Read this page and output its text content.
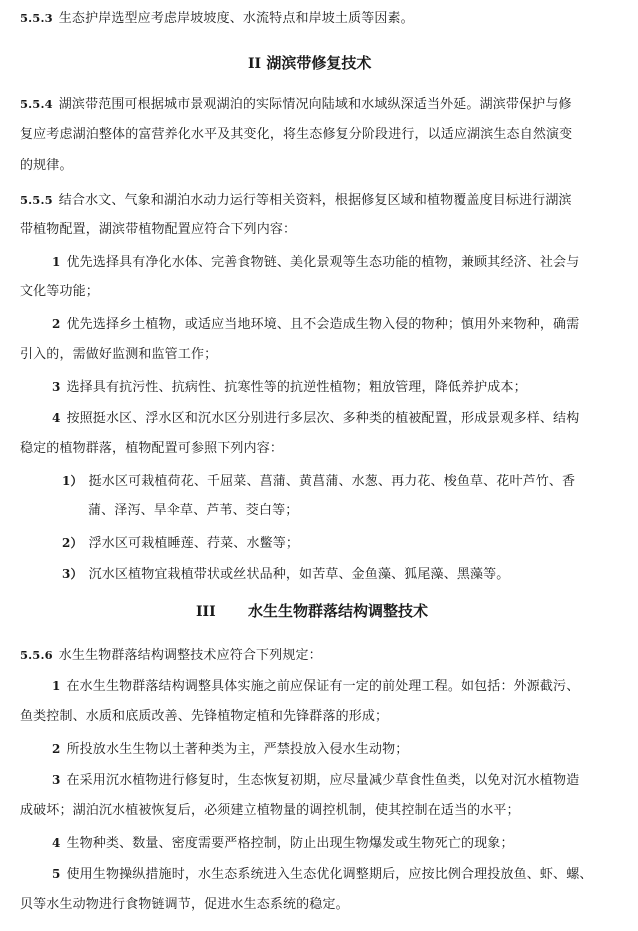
5.5.3 生态护岸选型应考虑岸坡坡度、水流特点和岸坡土质等因素。
II 湖滨带修复技术
5.5.4 湖滨带范围可根据城市景观湖泊的实际情况向陆域和水域纵深适当外延。湖滨带保护与修
复应考虑湖泊整体的富营养化水平及其变化，将生态修复分阶段进行，以适应湖滨生态自然演变
的规律。
5.5.5 结合水文、气象和湖泊水动力运行等相关资料，根据修复区域和植物覆盖度目标进行湖滨
带植物配置，湖滨带植物配置应符合下列内容：
1 优先选择具有净化水体、完善食物链、美化景观等生态功能的植物，兼顾其经济、社会与
文化等功能；
2 优先选择乡土植物，或适应当地环境、且不会造成生物入侵的物种；慎用外来物种，确需
引入的，需做好监测和监管工作；
3 选择具有抗污性、抗病性、抗寒性等的抗逆性植物；粗放管理，降低养护成本；
4 按照挺水区、浮水区和沉水区分别进行多层次、多种类的植被配置，形成景观多样、结构
稳定的植物群落，植物配置可参照下列内容：
1） 挺水区可栽植荷花、千屈菜、菖蒲、黄菖蒲、水葱、再力花、梭鱼草、花叶芦竹、香
蒲、泽泻、旱伞草、芦苇、茭白等；
2） 浮水区可栽植睡莲、荇菜、水鳖等；
3） 沉水区植物宜栽植带状或丝状品种，如苦草、金鱼藻、狐尾藻、黑藻等。
III 水生生物群落结构调整技术
5.5.6 水生生物群落结构调整技术应符合下列规定：
1 在水生生物群落结构调整具体实施之前应保证有一定的前处理工程。如包括：外源截污、
鱼类控制、水质和底质改善、先锋植物定植和先锋群落的形成；
2 所投放水生生物以土著种类为主，严禁投放入侵水生动物；
3 在采用沉水植物进行修复时，生态恢复初期，应尽量减少草食性鱼类，以免对沉水植物造
成破坏；湖泊沉水植被恢复后，必须建立植物量的调控机制，使其控制在适当的水平；
4 生物种类、数量、密度需要严格控制，防止出现生物爆发或生物死亡的现象；
5 使用生物操纵措施时，水生态系统进入生态优化调整期后，应按比例合理投放鱼、虾、螺、
贝等水生动物进行食物链调节，促进水生态系统的稳定。
